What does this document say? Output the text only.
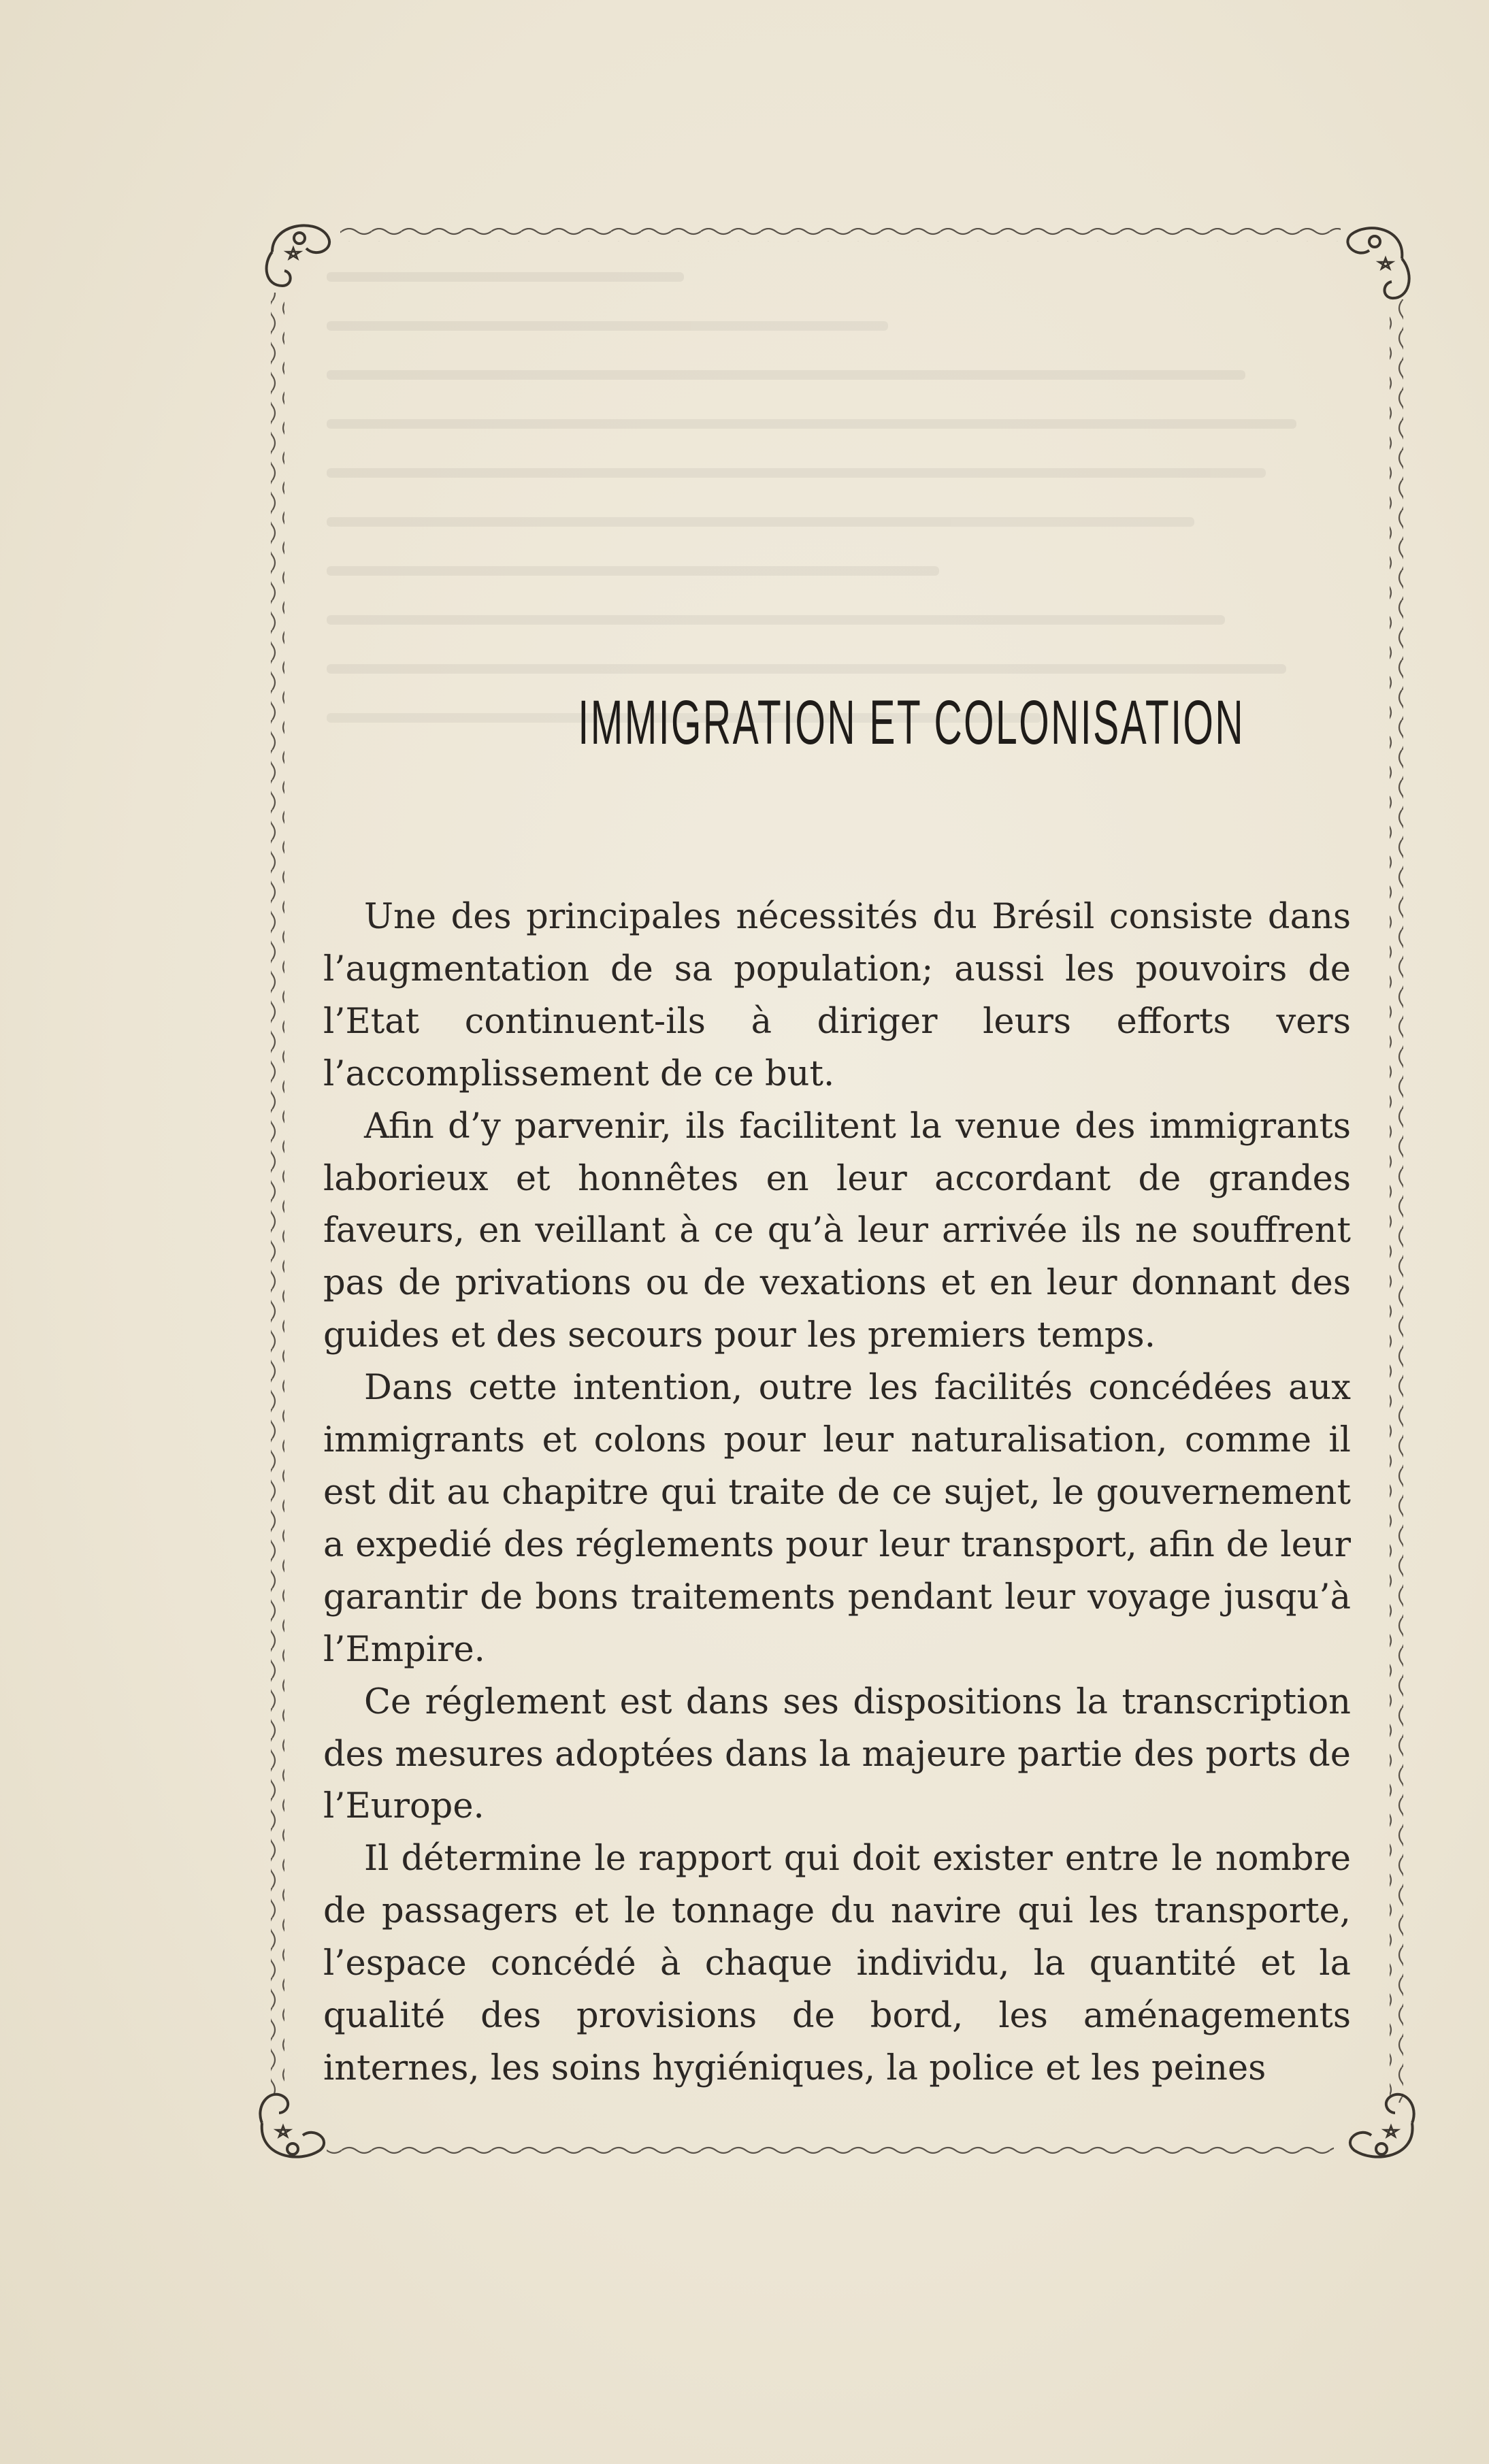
IMMIGRATION ET COLONISATION

Une des principales nécessités du Brésil consiste dans l’augmentation de sa population; aussi les pouvoirs de l’Etat continuent-ils à diriger leurs efforts vers l’accomplissement de ce but.

Afin d’y parvenir, ils facilitent la venue des immigrants laborieux et honnêtes en leur accordant de grandes faveurs, en veillant à ce qu’à leur arrivée ils ne souffrent pas de privations ou de vexations et en leur donnant des guides et des secours pour les premiers temps.

Dans cette intention, outre les facilités concédées aux immigrants et colons pour leur naturalisation, comme il est dit au chapitre qui traite de ce sujet, le gouvernement a expedié des réglements pour leur transport, afin de leur garantir de bons traitements pendant leur voyage jusqu’à l’Empire.

Ce réglement est dans ses dispositions la transcription des mesures adoptées dans la majeure partie des ports de l’Europe.

Il détermine le rapport qui doit exister entre le nombre de passagers et le tonnage du navire qui les transporte, l’espace concédé à chaque individu, la quantité et la qualité des provisions de bord, les aménagements internes, les soins hygiéniques, la police et les peines
